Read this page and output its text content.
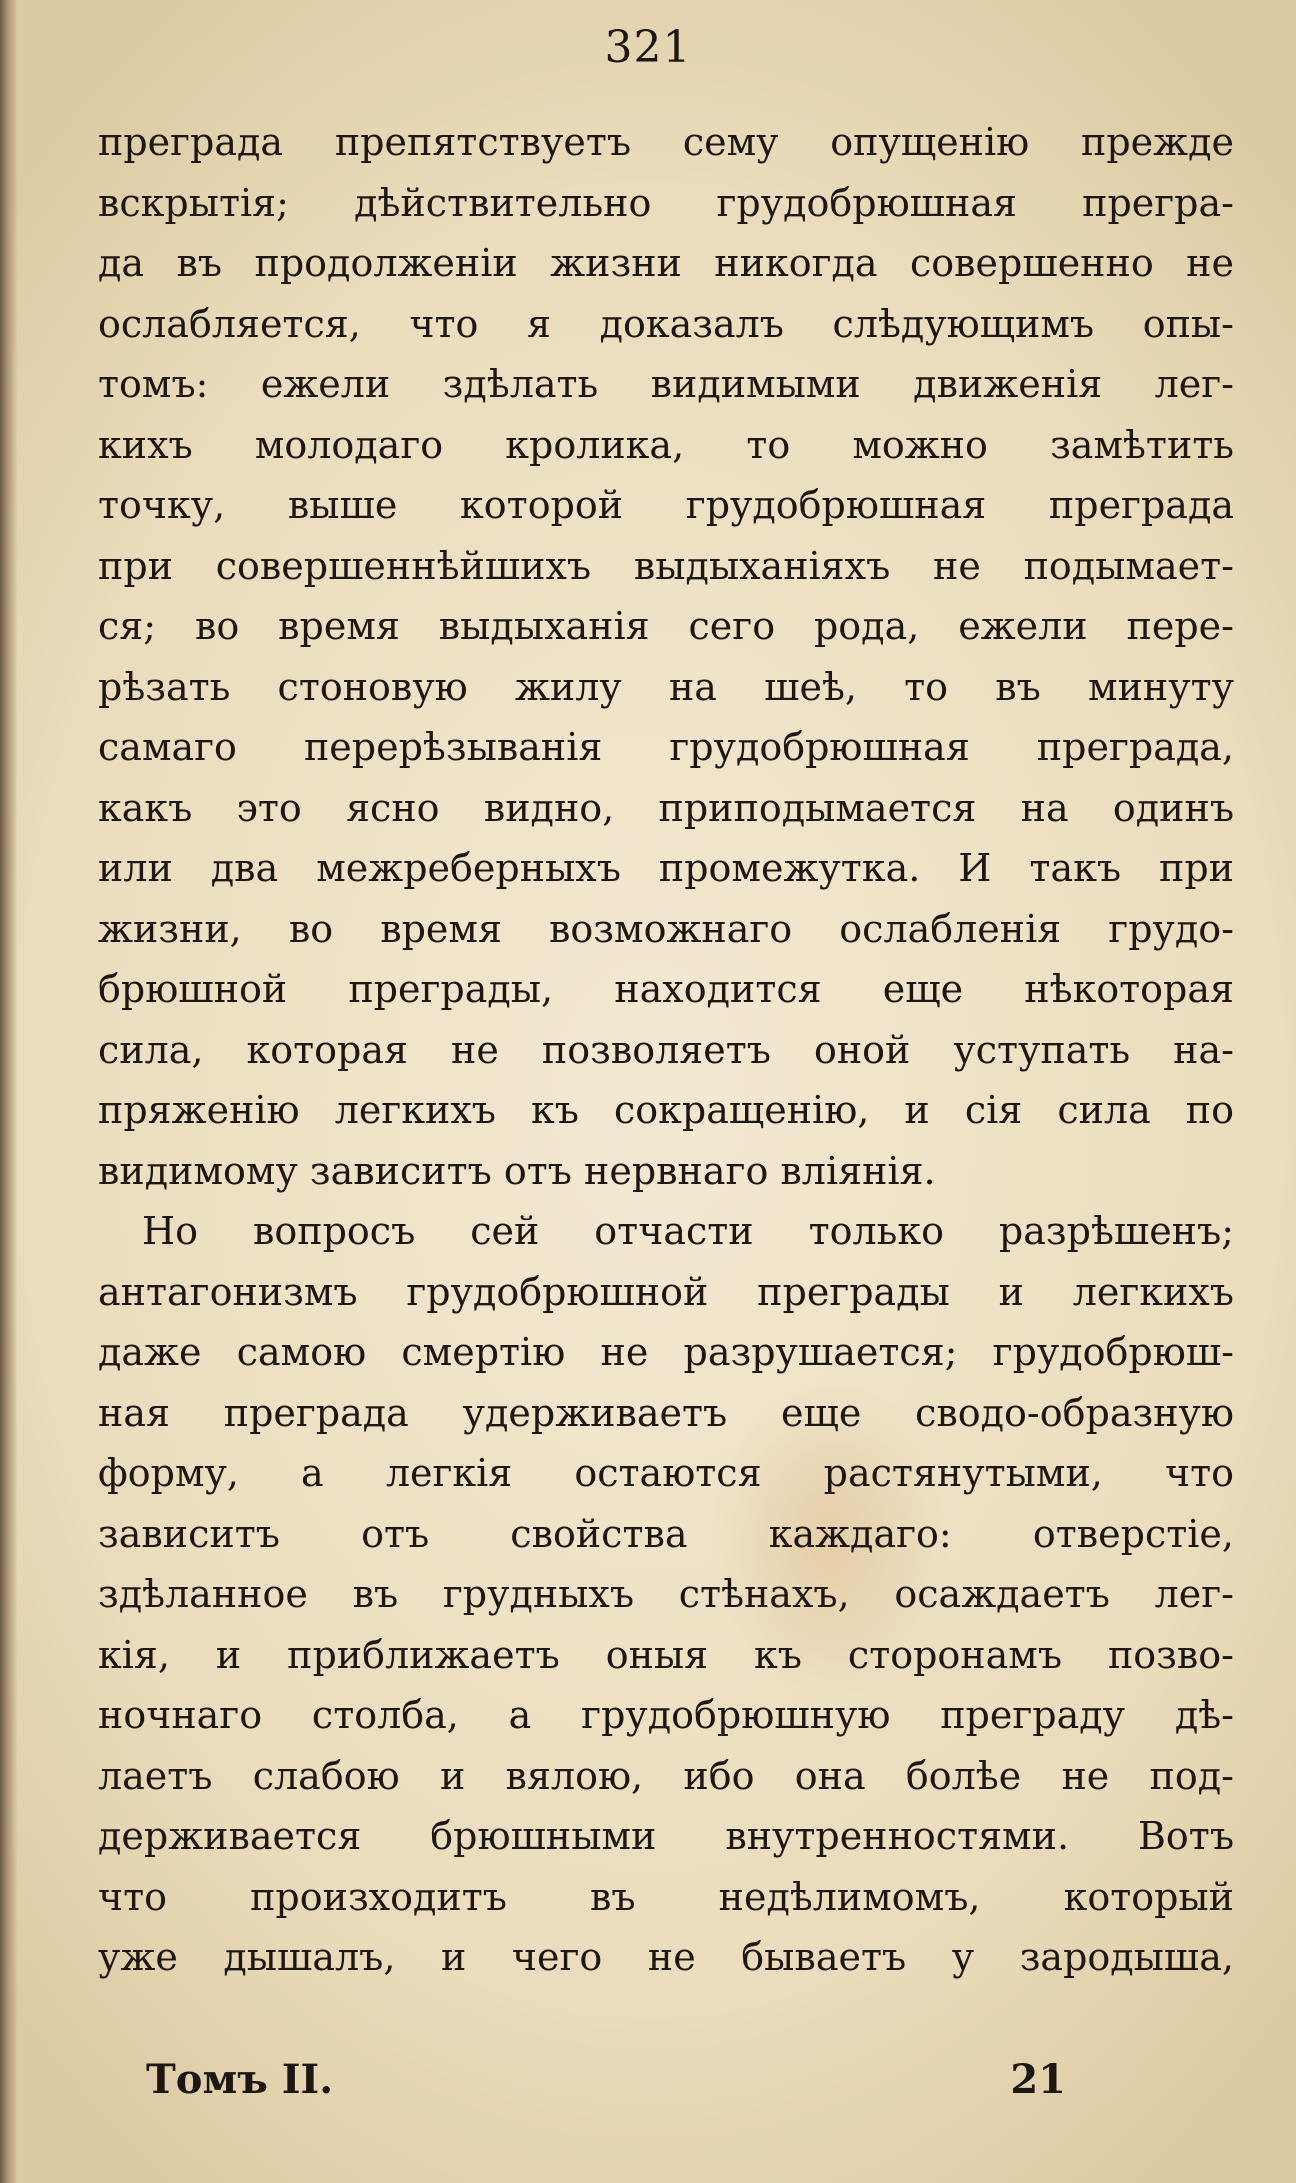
321
преграда препятствуетъ сему опущенію прежде
вскрытія; дѣйствительно грудобрюшная прегра-
да въ продолженіи жизни никогда совершенно не
ослабляется, что я доказалъ слѣдующимъ опы-
томъ: ежели здѣлать видимыми движенія лег-
кихъ молодаго кролика, то можно замѣтить
точку, выше которой грудобрюшная преграда
при совершеннѣйшихъ выдыханіяхъ не подымает-
ся; во время выдыханія сего рода, ежели пере-
рѣзать стоновую жилу на шеѣ, то въ минуту
самаго перерѣзыванія грудобрюшная преграда,
какъ это ясно видно, приподымается на одинъ
или два межреберныхъ промежутка. И такъ при
жизни, во время возможнаго ослабленія грудо-
брюшной преграды, находится еще нѣкоторая
сила, которая не позволяетъ оной уступать на-
пряженію легкихъ къ сокращенію, и сія сила по
видимому зависитъ отъ нервнаго вліянія.
Но вопросъ сей отчасти только разрѣшенъ;
антагонизмъ грудобрюшной преграды и легкихъ
даже самою смертію не разрушается; грудобрюш-
ная преграда удерживаетъ еще сводо-образную
форму, а легкія остаются растянутыми, что
зависитъ отъ свойства каждаго: отверстіе,
здѣланное въ грудныхъ стѣнахъ, осаждаетъ лег-
кія, и приближаетъ оныя къ сторонамъ позво-
ночнаго столба, а грудобрюшную преграду дѣ-
лаетъ слабою и вялою, ибо она болѣе не под-
держивается брюшными внутренностями. Вотъ
что произходитъ въ недѣлимомъ, который
уже дышалъ, и чего не бываетъ у зародыша,
Томъ II.	21
